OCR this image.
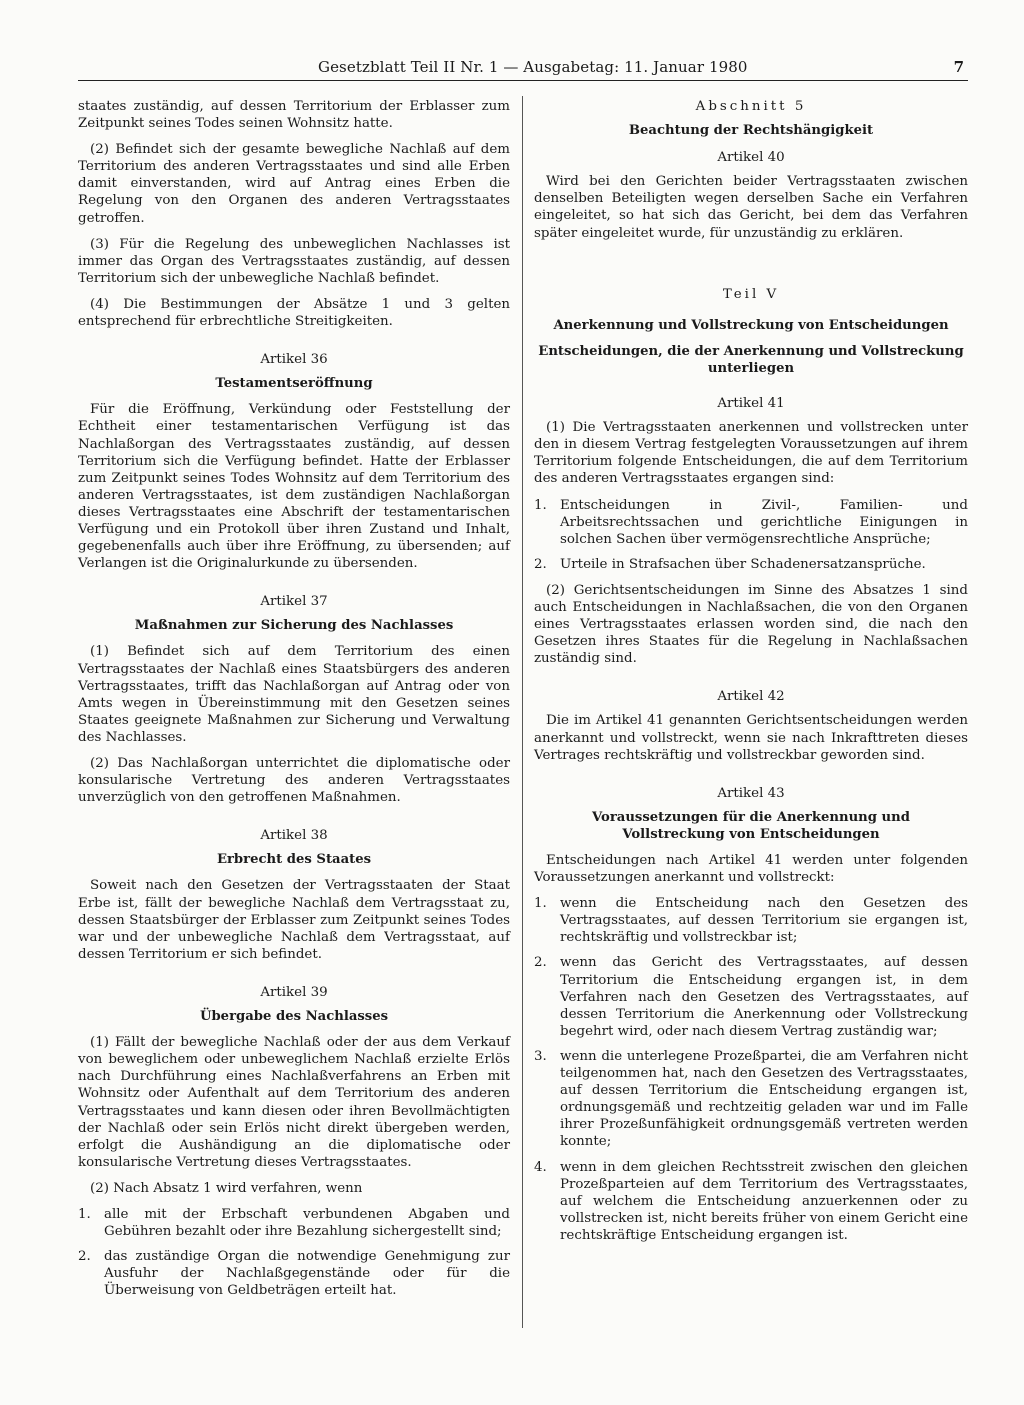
Gesetzblatt Teil II Nr. 1 — Ausgabetag: 11. Januar 1980	7

staates zuständig, auf dessen Territorium der Erblasser zum Zeitpunkt seines Todes seinen Wohnsitz hatte.

(2) Befindet sich der gesamte bewegliche Nachlaß auf dem Territorium des anderen Vertragsstaates und sind alle Erben damit einverstanden, wird auf Antrag eines Erben die Regelung von den Organen des anderen Vertragsstaates getroffen.

(3) Für die Regelung des unbeweglichen Nachlasses ist immer das Organ des Vertragsstaates zuständig, auf dessen Territorium sich der unbewegliche Nachlaß befindet.

(4) Die Bestimmungen der Absätze 1 und 3 gelten entsprechend für erbrechtliche Streitigkeiten.

Artikel 36
Testamentseröffnung

Für die Eröffnung, Verkündung oder Feststellung der Echtheit einer testamentarischen Verfügung ist das Nachlaßorgan des Vertragsstaates zuständig, auf dessen Territorium sich die Verfügung befindet. Hatte der Erblasser zum Zeitpunkt seines Todes Wohnsitz auf dem Territorium des anderen Vertragsstaates, ist dem zuständigen Nachlaßorgan dieses Vertragsstaates eine Abschrift der testamentarischen Verfügung und ein Protokoll über ihren Zustand und Inhalt, gegebenenfalls auch über ihre Eröffnung, zu übersenden; auf Verlangen ist die Originalurkunde zu übersenden.

Artikel 37
Maßnahmen zur Sicherung des Nachlasses

(1) Befindet sich auf dem Territorium des einen Vertragsstaates der Nachlaß eines Staatsbürgers des anderen Vertragsstaates, trifft das Nachlaßorgan auf Antrag oder von Amts wegen in Übereinstimmung mit den Gesetzen seines Staates geeignete Maßnahmen zur Sicherung und Verwaltung des Nachlasses.

(2) Das Nachlaßorgan unterrichtet die diplomatische oder konsularische Vertretung des anderen Vertragsstaates unverzüglich von den getroffenen Maßnahmen.

Artikel 38
Erbrecht des Staates

Soweit nach den Gesetzen der Vertragsstaaten der Staat Erbe ist, fällt der bewegliche Nachlaß dem Vertragsstaat zu, dessen Staatsbürger der Erblasser zum Zeitpunkt seines Todes war und der unbewegliche Nachlaß dem Vertragsstaat, auf dessen Territorium er sich befindet.

Artikel 39
Übergabe des Nachlasses

(1) Fällt der bewegliche Nachlaß oder der aus dem Verkauf von beweglichem oder unbeweglichem Nachlaß erzielte Erlös nach Durchführung eines Nachlaßverfahrens an Erben mit Wohnsitz oder Aufenthalt auf dem Territorium des anderen Vertragsstaates und kann diesen oder ihren Bevollmächtigten der Nachlaß oder sein Erlös nicht direkt übergeben werden, erfolgt die Aushändigung an die diplomatische oder konsularische Vertretung dieses Vertragsstaates.

(2) Nach Absatz 1 wird verfahren, wenn

1. alle mit der Erbschaft verbundenen Abgaben und Gebühren bezahlt oder ihre Bezahlung sichergestellt sind;
2. das zuständige Organ die notwendige Genehmigung zur Ausfuhr der Nachlaßgegenstände oder für die Überweisung von Geldbeträgen erteilt hat.
Abschnitt 5
Beachtung der Rechtshängigkeit
Artikel 40

Wird bei den Gerichten beider Vertragsstaaten zwischen denselben Beteiligten wegen derselben Sache ein Verfahren eingeleitet, so hat sich das Gericht, bei dem das Verfahren später eingeleitet wurde, für unzuständig zu erklären.

Teil V
Anerkennung und Vollstreckung von Entscheidungen
Entscheidungen, die der Anerkennung und Vollstreckung unterliegen
Artikel 41

(1) Die Vertragsstaaten anerkennen und vollstrecken unter den in diesem Vertrag festgelegten Voraussetzungen auf ihrem Territorium folgende Entscheidungen, die auf dem Territorium des anderen Vertragsstaates ergangen sind:

1. Entscheidungen in Zivil-, Familien- und Arbeitsrechtssachen und gerichtliche Einigungen in solchen Sachen über vermögensrechtliche Ansprüche;
2. Urteile in Strafsachen über Schadenersatzansprüche.

(2) Gerichtsentscheidungen im Sinne des Absatzes 1 sind auch Entscheidungen in Nachlaßsachen, die von den Organen eines Vertragsstaates erlassen worden sind, die nach den Gesetzen ihres Staates für die Regelung in Nachlaßsachen zuständig sind.

Artikel 42

Die im Artikel 41 genannten Gerichtsentscheidungen werden anerkannt und vollstreckt, wenn sie nach Inkrafttreten dieses Vertrages rechtskräftig und vollstreckbar geworden sind.

Artikel 43
Voraussetzungen für die Anerkennung und
Vollstreckung von Entscheidungen

Entscheidungen nach Artikel 41 werden unter folgenden Voraussetzungen anerkannt und vollstreckt:

1. wenn die Entscheidung nach den Gesetzen des Vertragsstaates, auf dessen Territorium sie ergangen ist, rechtskräftig und vollstreckbar ist;
2. wenn das Gericht des Vertragsstaates, auf dessen Territorium die Entscheidung ergangen ist, in dem Verfahren nach den Gesetzen des Vertragsstaates, auf dessen Territorium die Anerkennung oder Vollstreckung begehrt wird, oder nach diesem Vertrag zuständig war;
3. wenn die unterlegene Prozeßpartei, die am Verfahren nicht teilgenommen hat, nach den Gesetzen des Vertragsstaates, auf dessen Territorium die Entscheidung ergangen ist, ordnungsgemäß und rechtzeitig geladen war und im Falle ihrer Prozeßunfähigkeit ordnungsgemäß vertreten werden konnte;
4. wenn in dem gleichen Rechtsstreit zwischen den gleichen Prozeßparteien auf dem Territorium des Vertragsstaates, auf welchem die Entscheidung anzuerkennen oder zu vollstrecken ist, nicht bereits früher von einem Gericht eine rechtskräftige Entscheidung ergangen ist.
